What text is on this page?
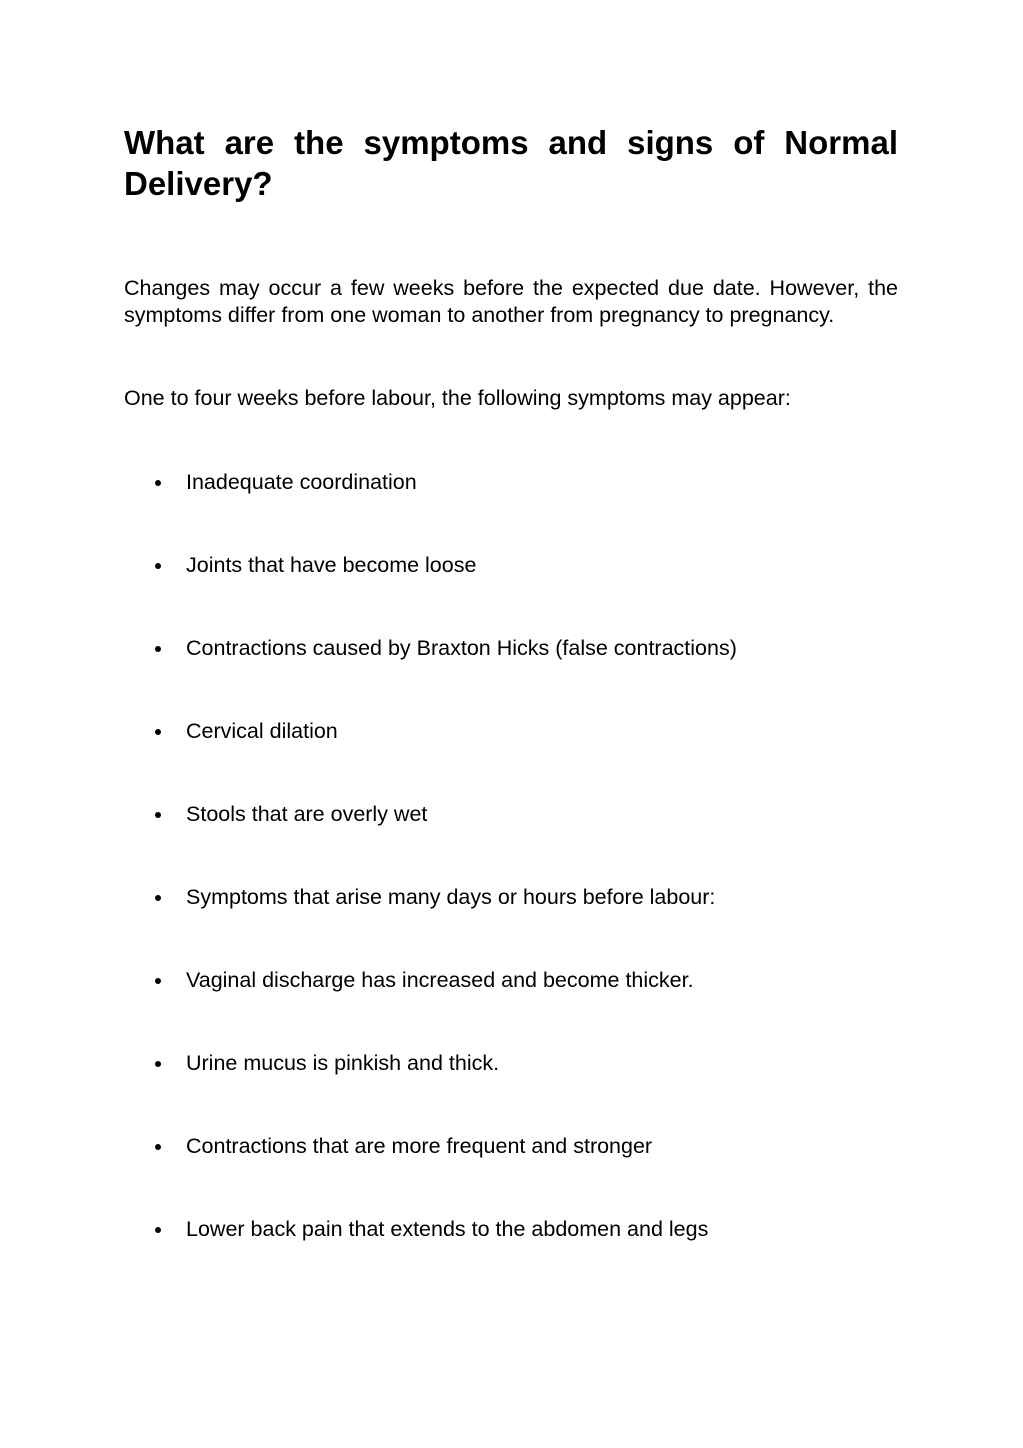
What are the symptoms and signs of Normal Delivery?

Changes may occur a few weeks before the expected due date. However, the symptoms differ from one woman to another from pregnancy to pregnancy.

One to four weeks before labour, the following symptoms may appear:

Inadequate coordination
Joints that have become loose
Contractions caused by Braxton Hicks (false contractions)
Cervical dilation
Stools that are overly wet
Symptoms that arise many days or hours before labour:
Vaginal discharge has increased and become thicker.
Urine mucus is pinkish and thick.
Contractions that are more frequent and stronger
Lower back pain that extends to the abdomen and legs
